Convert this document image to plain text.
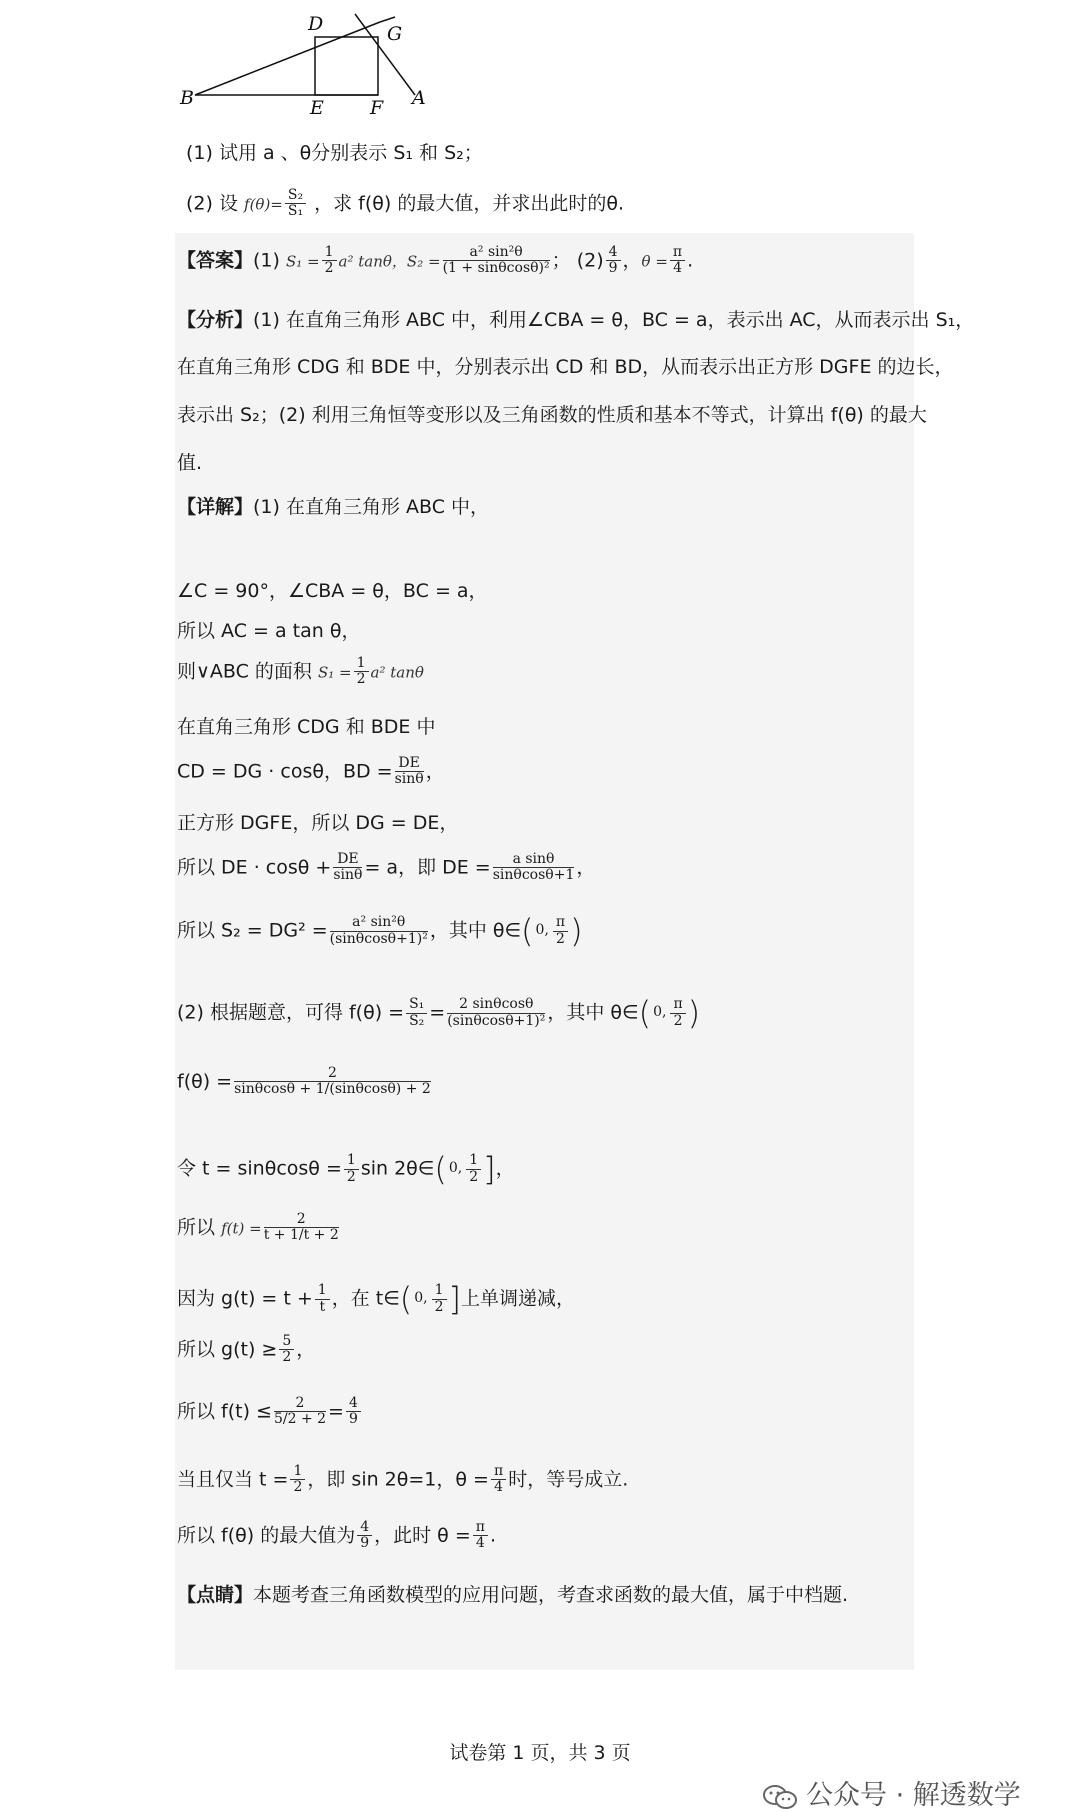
B
D	G
E F A
(1) 试用 a 、θ分别表示 S₁ 和 S₂；
(2) 设 $f(\theta)= \frac{\text{S₂}}{\text{S₁}}$ ，求 f(θ) 的最大值，并求出此时的θ.
【答案】(1) $S_1 = \frac{1}{2} a^2$ tanθ，$S_2 = \frac{\text{a² sin²θ}}{\text{(1 + sinθcosθ)²}}$ ； $(2) \frac{4}{9}$ ，$\theta = \frac{\pi}{4}$ .
【分析】(1) 在直角三角形 ABC 中，利用∠CBA = θ，BC = a，表示出 AC，从而表示出 S₁，
在直角三角形 CDG 和 BDE 中，分别表示出 CD 和 BD，从而表示出正方形 DGFE 的边长，
表示出 S₂；(2) 利用三角恒等变形以及三角函数的性质和基本不等式，计算出 f(θ) 的最大
值.
【详解】(1) 在直角三角形 ABC 中，
∠C = 90°，∠CBA = θ，BC = a，
所以 AC = a tan θ，
则∨ABC 的面积 $S_1 = \frac{1}{2} a^2$ tanθ
在直角三角形 CDG 和 BDE 中
CD = DG · cosθ，BD = $\frac{DE}{\sin\theta}$ ，
正方形 DGFE，所以 DG = DE，
所以 DE · $\cos\theta + \frac{DE}{\sin\theta} = a$，即 DE = $\frac{\text{a sinθ}}{\sin\theta\cos\theta+1}$ ，
所以 $S_2 = DG^2 = \frac{\text{a² sin²θ}}{\text{(sinθcosθ+1)²}}$ ，其中 θ∈( 0, $\frac{\pi}{2}$ )
(2) 根据题意，可得 $f(\theta) = \frac{\text{S₁}}{\text{S₂}} = \frac{2 \sin\theta\cos\theta}{\text{(sinθcosθ+1)²}}$ ，其中 θ∈( 0, $\frac{\pi}{2}$ )
$f(\theta) = \frac{2}{\sin\theta\cos\theta + 1/(\sin\theta\cos\theta) + 2}$
令 $t = \sin\theta\cos\theta = \frac{1}{2}$ sin 2θ∈( 0, $\frac{1}{2}$ ]，
所以 $f(t) = \frac{2}{t + 1/t + 2}$
因为 $g(t) = t + \frac{1}{t}$ ，在 t∈( 0, $\frac{1}{2}$ ]上单调递减，
所以 $g(t) \ge \frac{5}{2}$ ，
所以 $f(t) \le \frac{2}{5/2 + 2} = \frac{4}{9}$
当且仅当 $t = \frac{1}{2}$ ，即 sin 2θ=1，$\theta = \frac{\pi}{4}$ 时，等号成立.
所以 f(θ) 的最大值为 $\frac{4}{9}$ ，此时 $\theta = \frac{\pi}{4}$ .
【点睛】本题考查三角函数模型的应用问题，考查求函数的最大值，属于中档题.
试卷第 1 页，共 3 页
公众号 · 解透数学
